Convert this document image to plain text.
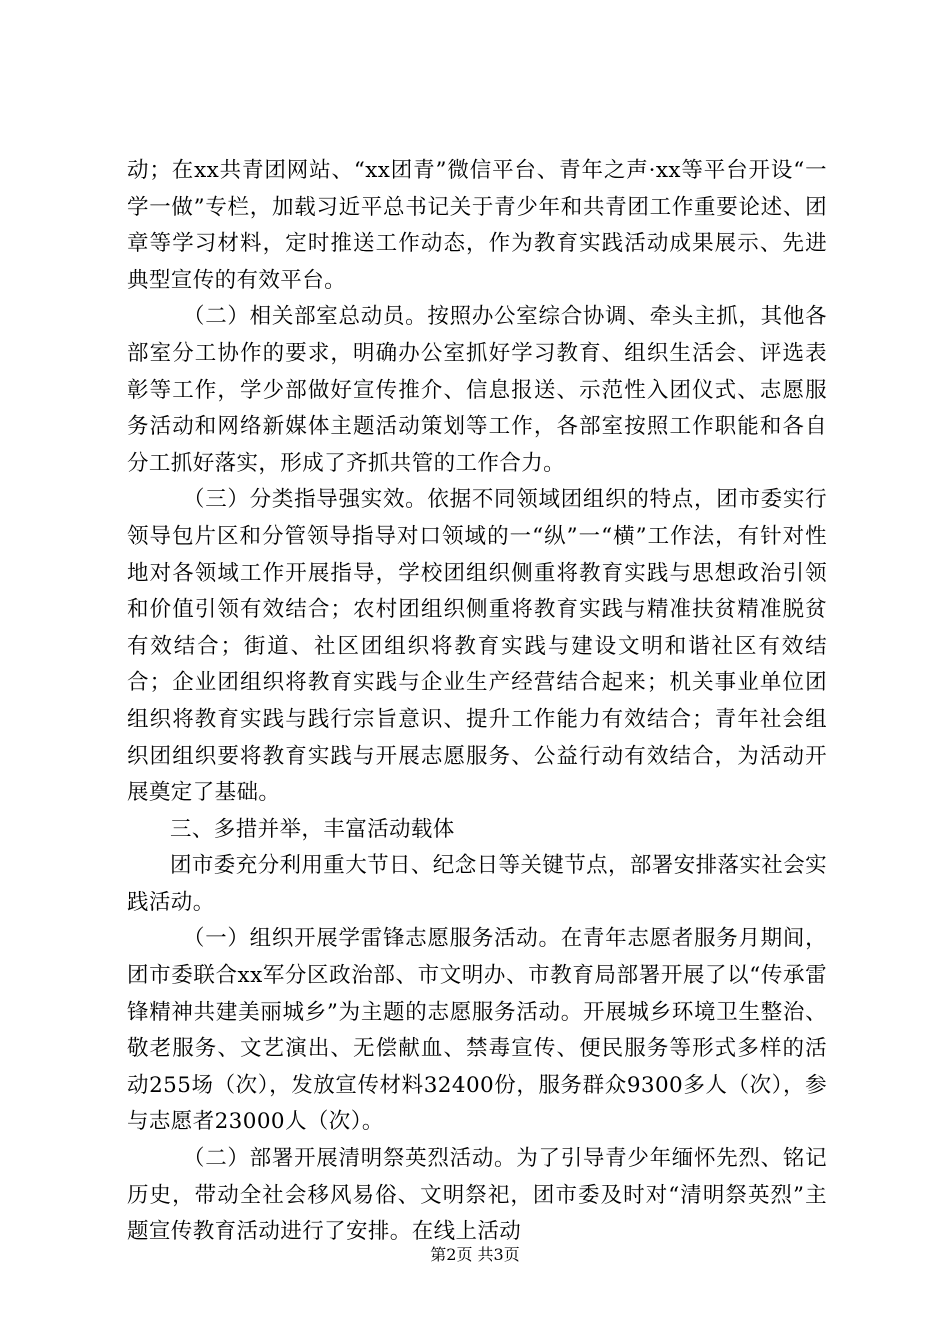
动；在xx共青团网站、“xx团青”微信平台、青年之声·xx等平台开设“一学一做”专栏，加载习近平总书记关于青少年和共青团工作重要论述、团章等学习材料，定时推送工作动态，作为教育实践活动成果展示、先进典型宣传的有效平台。

（二）相关部室总动员。按照办公室综合协调、牵头主抓，其他各部室分工协作的要求，明确办公室抓好学习教育、组织生活会、评选表彰等工作，学少部做好宣传推介、信息报送、示范性入团仪式、志愿服务活动和网络新媒体主题活动策划等工作，各部室按照工作职能和各自分工抓好落实，形成了齐抓共管的工作合力。

（三）分类指导强实效。依据不同领域团组织的特点，团市委实行领导包片区和分管领导指导对口领域的一“纵”一“横”工作法，有针对性地对各领域工作开展指导，学校团组织侧重将教育实践与思想政治引领和价值引领有效结合；农村团组织侧重将教育实践与精准扶贫精准脱贫有效结合；街道、社区团组织将教育实践与建设文明和谐社区有效结合；企业团组织将教育实践与企业生产经营结合起来；机关事业单位团组织将教育实践与践行宗旨意识、提升工作能力有效结合；青年社会组织团组织要将教育实践与开展志愿服务、公益行动有效结合，为活动开展奠定了基础。

三、多措并举，丰富活动载体

团市委充分利用重大节日、纪念日等关键节点，部署安排落实社会实践活动。

（一）组织开展学雷锋志愿服务活动。在青年志愿者服务月期间，团市委联合xx军分区政治部、市文明办、市教育局部署开展了以“传承雷锋精神共建美丽城乡”为主题的志愿服务活动。开展城乡环境卫生整治、敬老服务、文艺演出、无偿献血、禁毒宣传、便民服务等形式多样的活动255场（次），发放宣传材料32400份，服务群众9300多人（次），参与志愿者23000人（次）。

（二）部署开展清明祭英烈活动。为了引导青少年缅怀先烈、铭记历史，带动全社会移风易俗、文明祭祀，团市委及时对“清明祭英烈”主题宣传教育活动进行了安排。在线上活动

第2页 共3页
